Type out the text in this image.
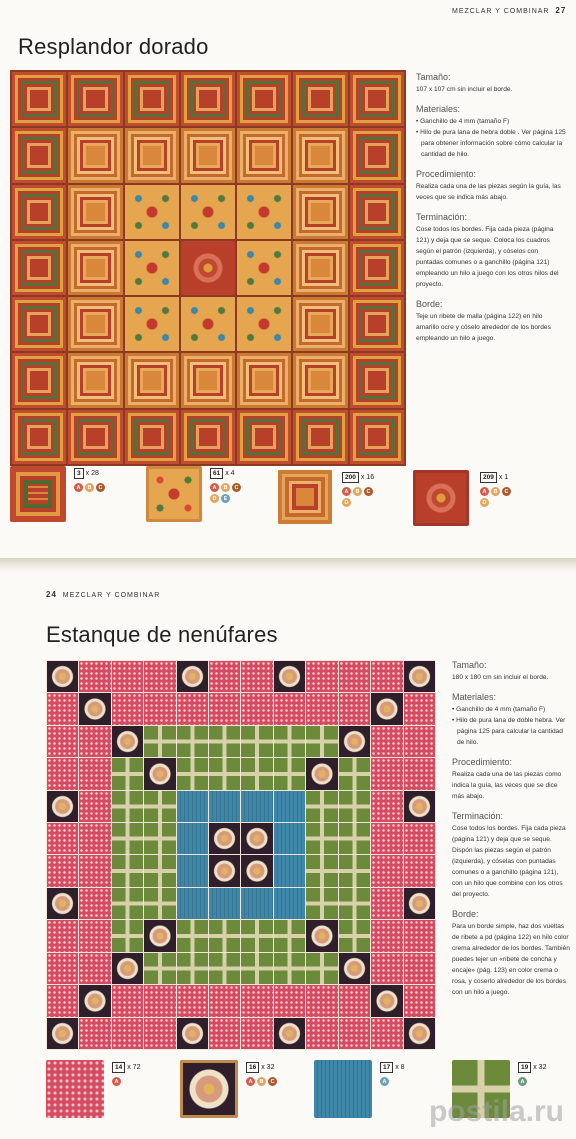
MEZCLAR Y COMBINAR 27
Resplandor dorado
Tamaño:

107 x 107 cm sin incluir el borde.

Materiales:
• Ganchillo de 4 mm (tamaño F)
• Hilo de pura lana de hebra doble . Ver página 125 para obtener información sobre cómo calcular la cantidad de hilo.
Procedimiento:

Realiza cada una de las piezas según la guía, las veces que se indica más abajo.

Terminación:

Cose todos los bordes. Fija cada pieza (página 121) y deja que se seque. Coloca los cuadros según el patrón (izquierda), y cóselos con puntadas comunes o a ganchillo (página 121) empleando un hilo a juego con los otros hilos del proyecto.

Borde:

Teje un ribete de malla (página 122) en hilo amarillo ocre y cóselo alrededor de los bordes empleando un hilo a juego.

3 x 28
A	B	C
61 x 4
A	B	C
D	E
200 x 16
A	B	C
D
209 x 1
A	B	C
D
24 MEZCLAR Y COMBINAR
Estanque de nenúfares
Tamaño:

180 x 180 cm sin incluir el borde.

Materiales:
• Ganchillo de 4 mm (tamaño F)
• Hilo de pura lana de doble hebra. Ver página 125 para calcular la cantidad de hilo.
Procedimiento:

Realiza cada una de las piezas como indica la guía, las veces que se dice más abajo.

Terminación:

Cose todos los bordes. Fija cada pieza (página 121) y deja que se seque. Dispón las piezas según el patrón (izquierda), y cóselas con puntadas comunes o a ganchillo (página 121), con un hilo que combine con los otros del proyecto.

Borde:

Para un borde simple, haz dos vueltas de ribete a pd (página 122) en hilo color crema alrededor de los bordes. También puedes tejer un «ribete de concha y encaje» (pág. 123) en color crema o rosa, y coserlo alrededor de los bordes con un hilo a juego.

14 x 72
A
16 x 32
A	B	C
17 x 8
A
19 x 32
A
postila.ru
